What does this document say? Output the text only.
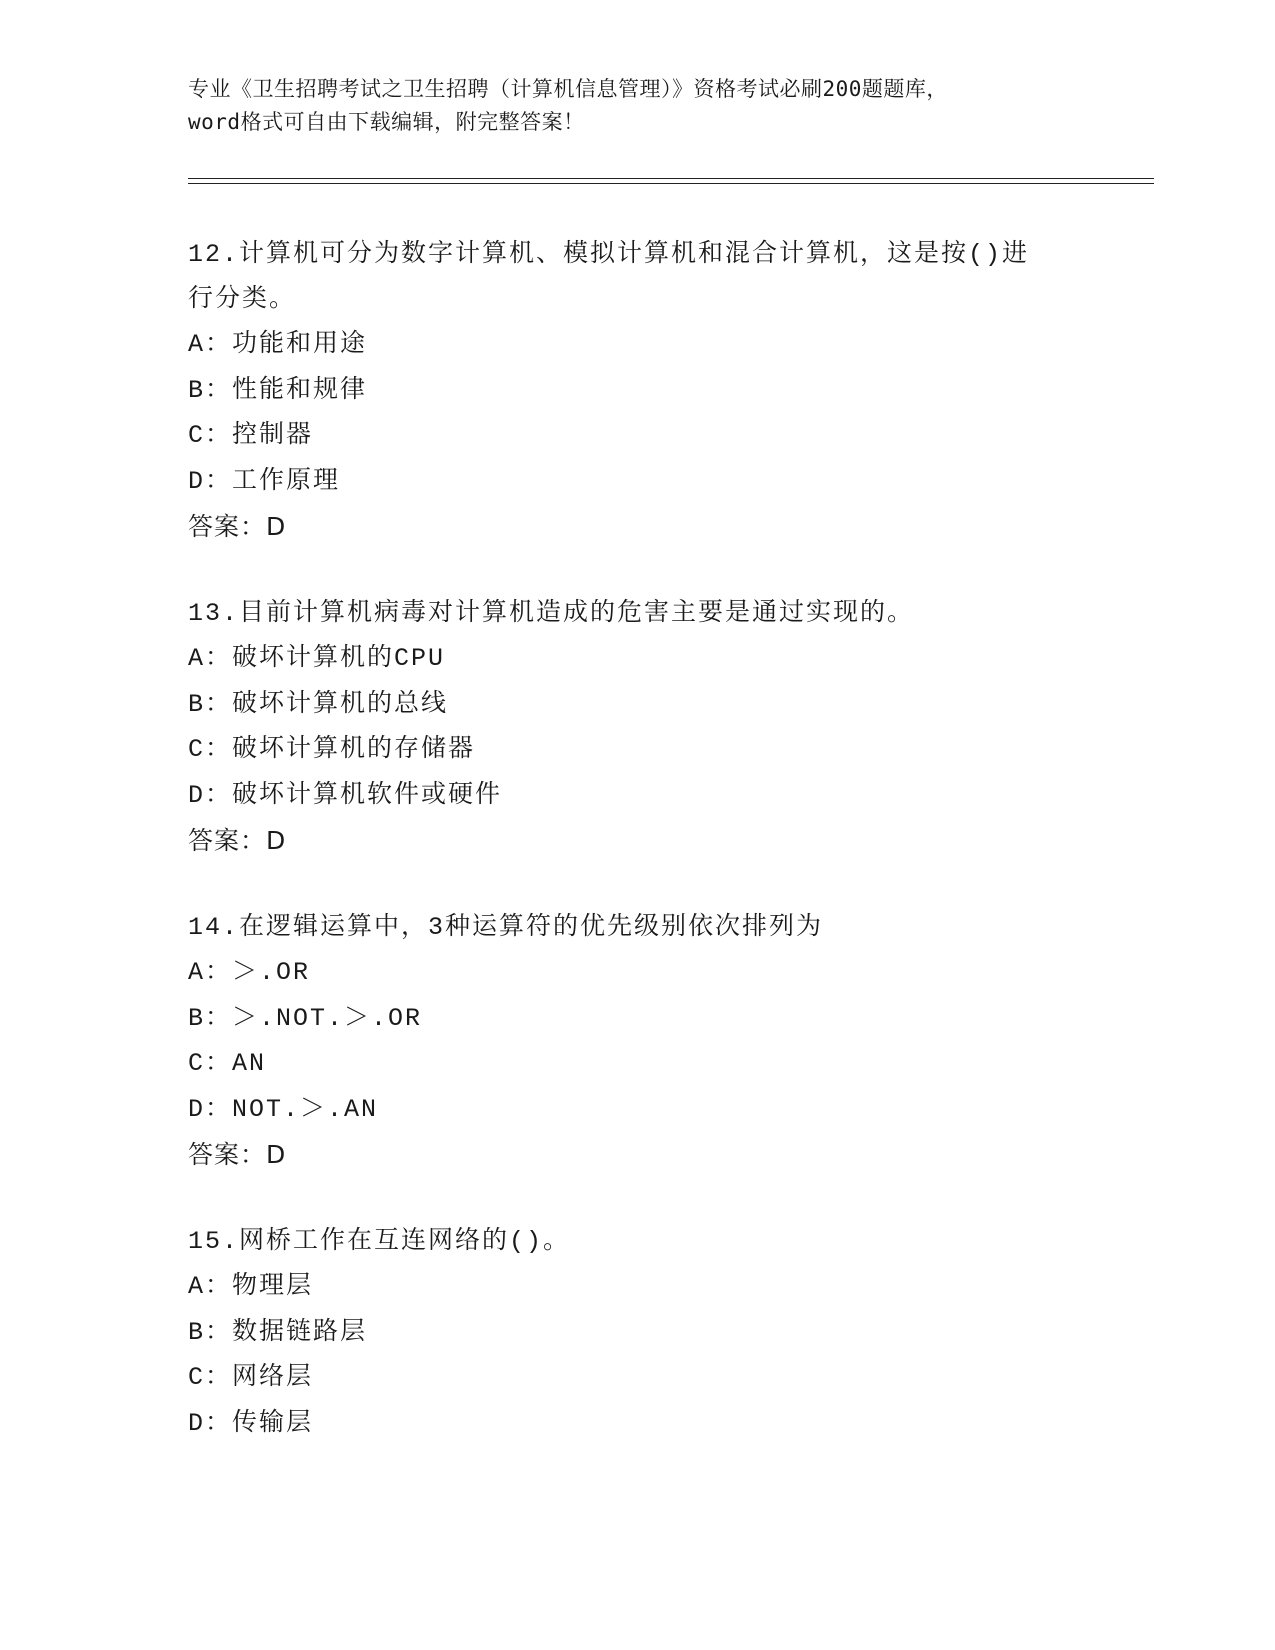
专业《卫生招聘考试之卫生招聘（计算机信息管理）》资格考试必刷200题题库，
word格式可自由下载编辑，附完整答案！
12.计算机可分为数字计算机、模拟计算机和混合计算机，这是按()进
行分类。
A：功能和用途
B：性能和规律
C：控制器
D：工作原理
答案：D
13.目前计算机病毒对计算机造成的危害主要是通过实现的。
A：破坏计算机的CPU
B：破坏计算机的总线
C：破坏计算机的存储器
D：破坏计算机软件或硬件
答案：D
14.在逻辑运算中，3种运算符的优先级别依次排列为
A：＞.OR
B：＞.NOT.＞.OR
C：AN
D：NOT.＞.AN
答案：D
15.网桥工作在互连网络的()。
A：物理层
B：数据链路层
C：网络层
D：传输层
